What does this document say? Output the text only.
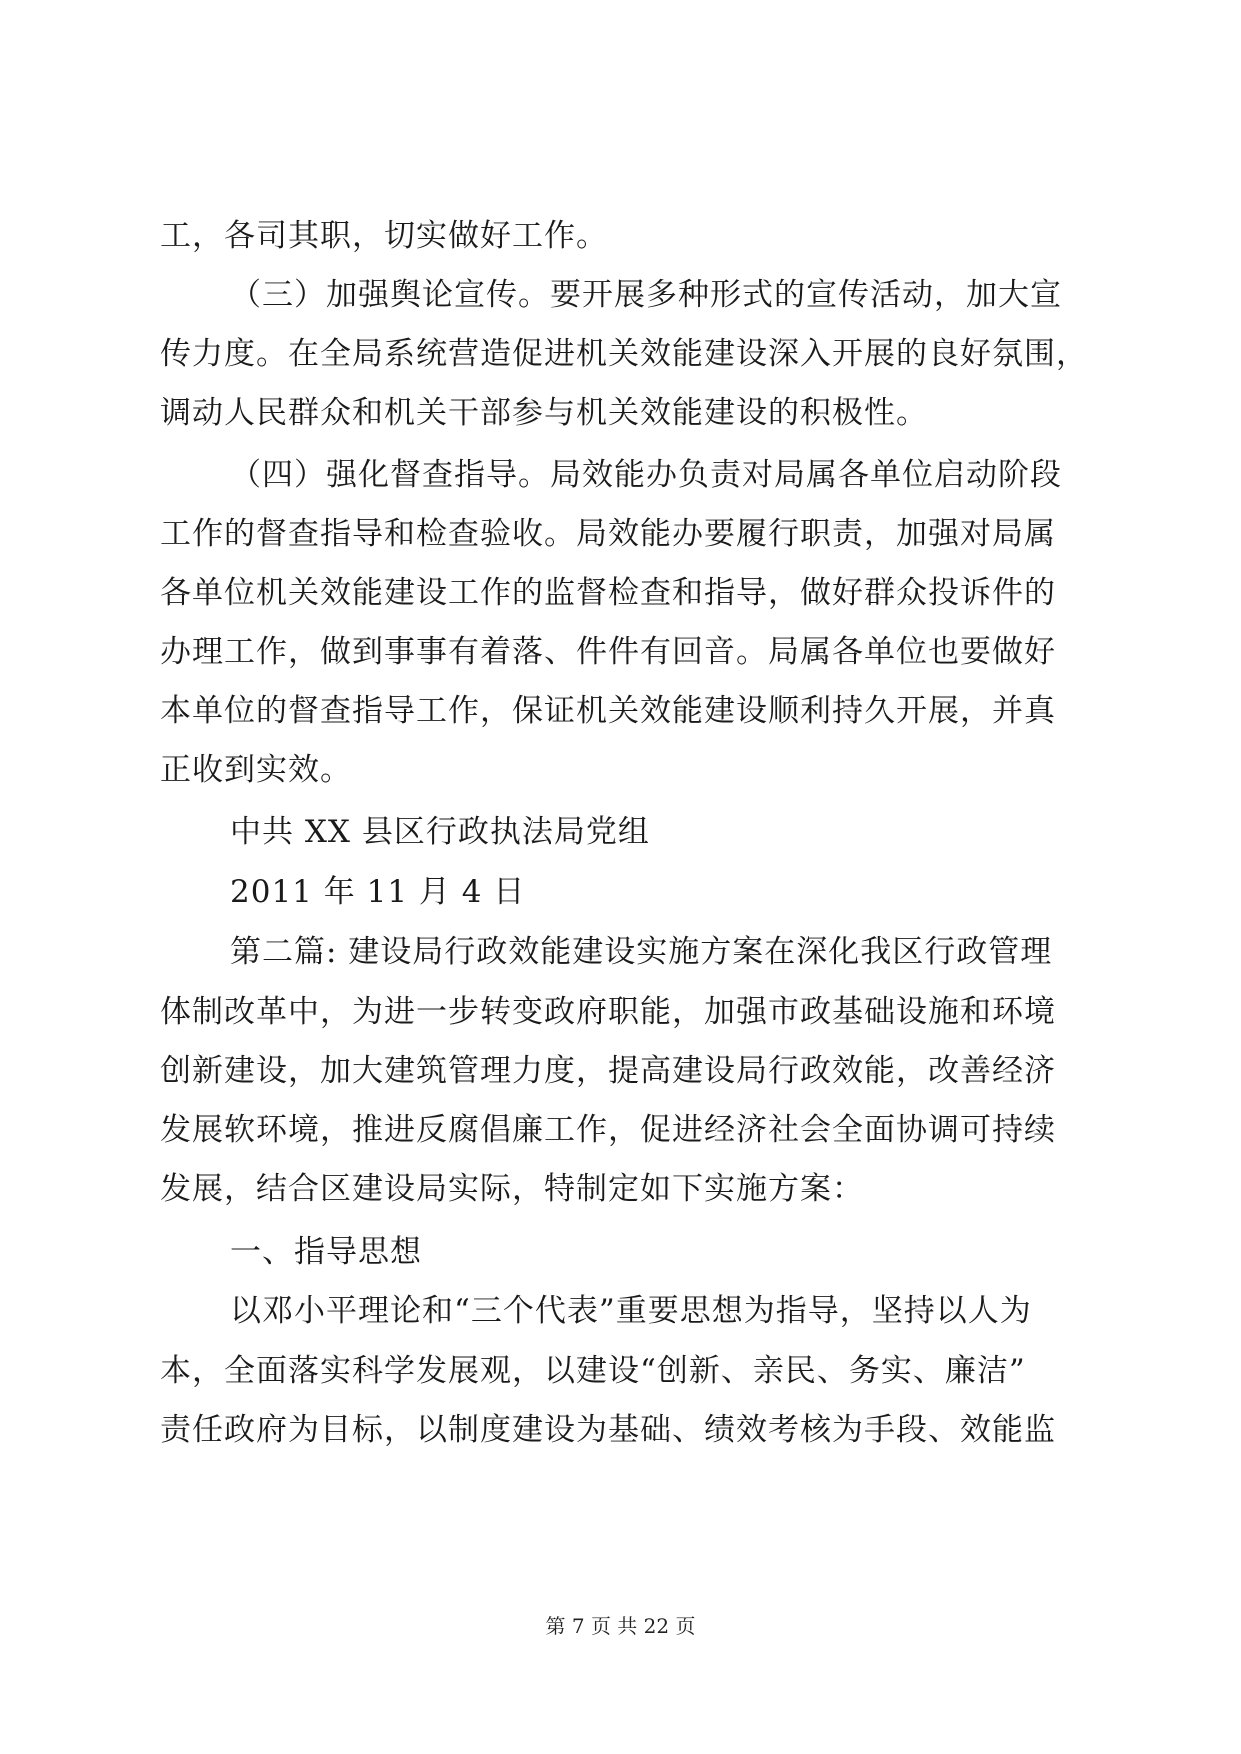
工，各司其职，切实做好工作。
（三）加强舆论宣传。要开展多种形式的宣传活动，加大宣
传力度。在全局系统营造促进机关效能建设深入开展的良好氛围，
调动人民群众和机关干部参与机关效能建设的积极性。
（四）强化督查指导。局效能办负责对局属各单位启动阶段
工作的督查指导和检查验收。局效能办要履行职责，加强对局属
各单位机关效能建设工作的监督检查和指导，做好群众投诉件的
办理工作，做到事事有着落、件件有回音。局属各单位也要做好
本单位的督查指导工作，保证机关效能建设顺利持久开展，并真
正收到实效。
中共 XX 县区行政执法局党组
2011 年 11 月 4 日
第二篇: 建设局行政效能建设实施方案在深化我区行政管理
体制改革中，为进一步转变政府职能，加强市政基础设施和环境
创新建设，加大建筑管理力度，提高建设局行政效能，改善经济
发展软环境，推进反腐倡廉工作，促进经济社会全面协调可持续
发展，结合区建设局实际，特制定如下实施方案：
一、指导思想
以邓小平理论和“三个代表”重要思想为指导，坚持以人为
本，全面落实科学发展观，以建设“创新、亲民、务实、廉洁”
责任政府为目标，以制度建设为基础、绩效考核为手段、效能监
第 7 页 共 22 页
